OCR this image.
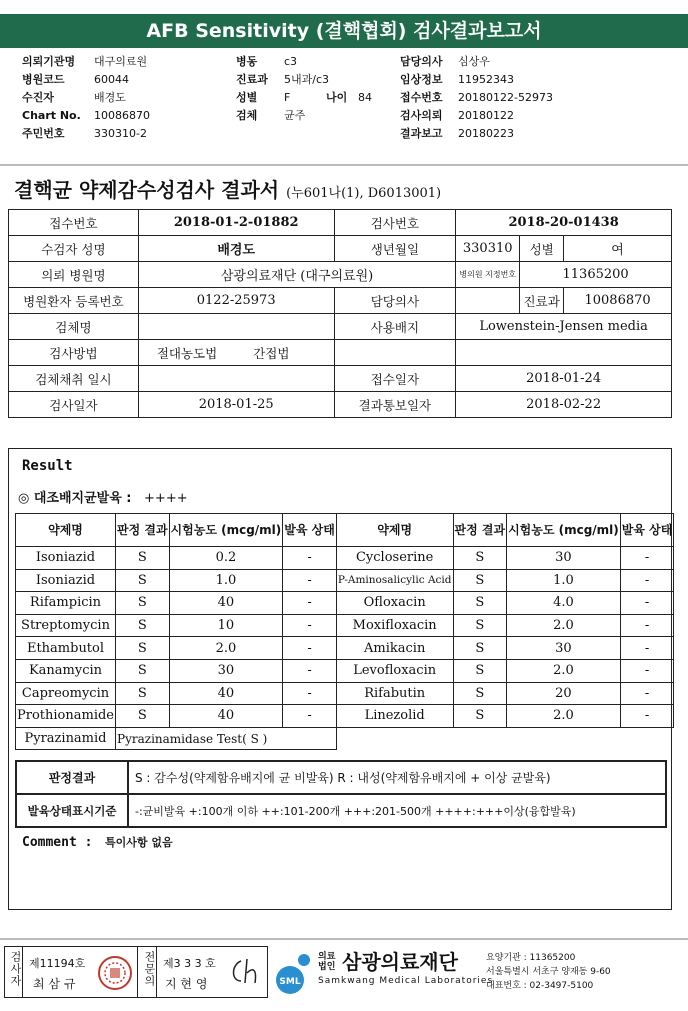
AFB Sensitivity (결핵협회) 검사결과보고서
의뢰기관명 대구의료원
병원코드	60044
수진자	배경도
Chart No. 10086870
주민번호	330310-2
병동 c3
진료과 5내과/c3
성별 F	나이 84
검체 균주
담당의사 심상우
임상정보 11952343
접수번호 20180122-52973
검사의뢰 20180122
결과보고 20180223
결핵균 약제감수성검사 결과서 (누601나(1), D6013001)
접수번호	2018-01-2-01882	검사번호	2018-20-01438		
수검자 성명	배경도	생년월일	330310	성별	여
의뢰 병원명	삼광의료재단 (대구의료원)		병의원 지정번호	11365200	
병원환자 등록번호	0122-25973	담당의사		진료과	10086870
검체명		사용배지	Lowenstein-Jensen media		
검사방법	절대농도법 간접법				
검체채취 일시		접수일자	2018-01-24		
검사일자	2018-01-25	결과통보일자	2018-02-22		
Result
◎ 대조배지균발육 : ++++
약제명	판정 결과	시험농도 (mcg/ml)	발육 상태	약제명	판정 결과	시험농도 (mcg/ml)	발육 상태
Isoniazid	S	0.2	-	Cycloserine	S	30	-
Isoniazid	S	1.0	-	P-Aminosalicylic Acid	S	1.0	-
Rifampicin	S	40	-	Ofloxacin	S	4.0	-
Streptomycin	S	10	-	Moxifloxacin	S	2.0	-
Ethambutol	S	2.0	-	Amikacin	S	30	-
Kanamycin	S	30	-	Levofloxacin	S	2.0	-
Capreomycin	S	40	-	Rifabutin	S	20	-
Prothionamide	S	40	-	Linezolid	S	2.0	-
Pyrazinamid	Pyrazinamidase Test( S )						
판정결과	S : 감수성(약제함유배지에 균 비발육) R : 내성(약제함유배지에 + 이상 균발육)
발육상태표시기준	-:균비발육 +:100개 이하 ++:101-200개 +++:201-500개 ++++:+++이상(융합발육)
Comment : 특이사항 없음
검사자 제11194호
최 삼 규	전문의 제3 3 3 호
지 현 영	SML
의료 법인 삼광의료재단
Samkwang Medical Laboratories
요양기관 : 11365200
서울특별시 서초구 양재동 9-60
대표번호 : 02-3497-5100
